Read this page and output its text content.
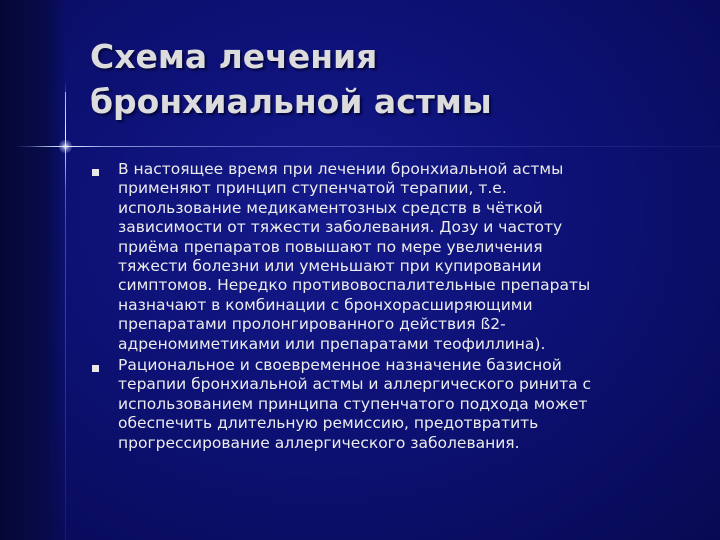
Схема лечения
бронхиальной астмы
В настоящее время при лечении бронхиальной астмы
применяют принцип ступенчатой терапии, т.е.
использование медикаментозных средств в чёткой
зависимости от тяжести заболевания. Дозу и частоту
приёма препаратов повышают по мере увеличения
тяжести болезни или уменьшают при купировании
симптомов. Нередко противовоспалительные препараты
назначают в комбинации с бронхорасширяющими
препаратами пролонгированного действия ß2-
адреномиметиками или препаратами теофиллина).
Рациональное и своевременное назначение базисной
терапии бронхиальной астмы и аллергического ринита с
использованием принципа ступенчатого подхода может
обеспечить длительную ремиссию, предотвратить
прогрессирование аллергического заболевания.
